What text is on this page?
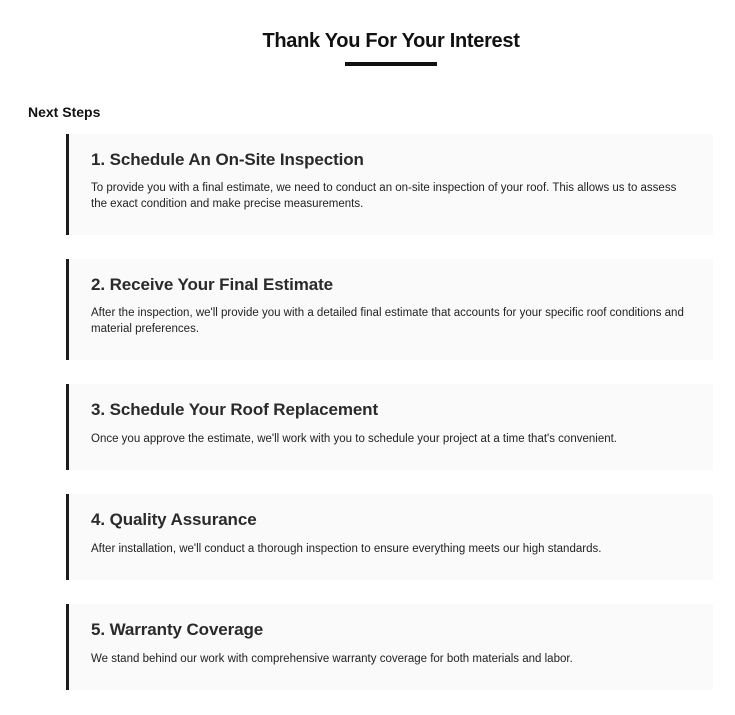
Thank You For Your Interest
Next Steps
1. Schedule An On-Site Inspection

To provide you with a final estimate, we need to conduct an on-site inspection of your roof. This allows us to assess the exact condition and make precise measurements.

2. Receive Your Final Estimate

After the inspection, we'll provide you with a detailed final estimate that accounts for your specific roof conditions and material preferences.

3. Schedule Your Roof Replacement

Once you approve the estimate, we'll work with you to schedule your project at a time that's convenient.

4. Quality Assurance

After installation, we'll conduct a thorough inspection to ensure everything meets our high standards.

5. Warranty Coverage

We stand behind our work with comprehensive warranty coverage for both materials and labor.
